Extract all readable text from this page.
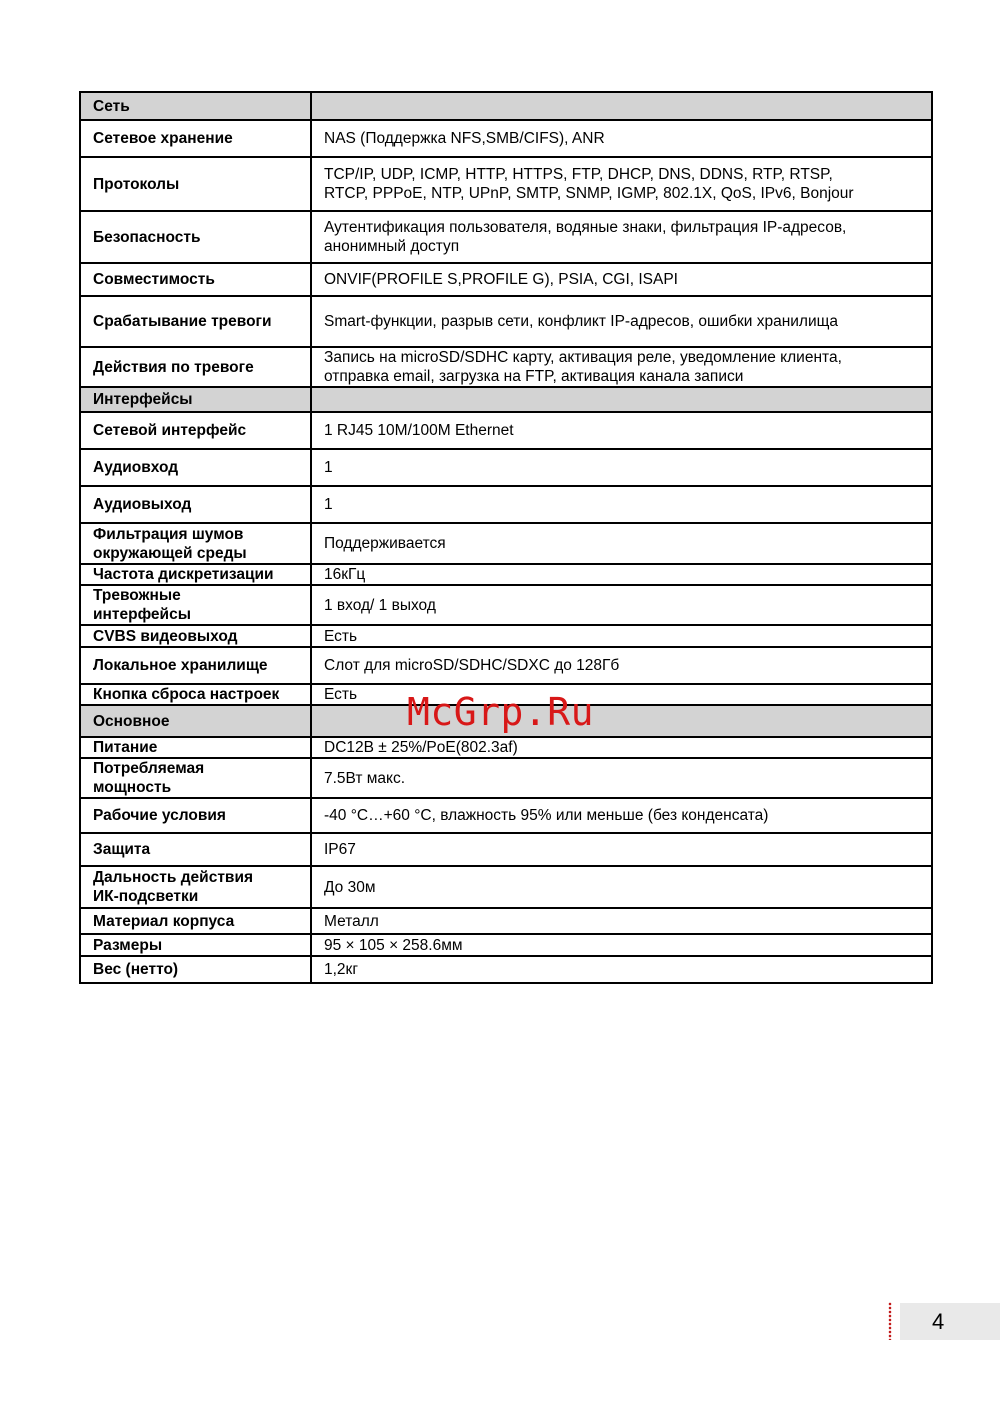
Сеть	
Сетевое хранение	NAS (Поддержка NFS,SMB/CIFS), ANR
Протоколы	TCP/IP, UDP, ICMP, HTTP, HTTPS, FTP, DHCP, DNS, DDNS, RTP, RTSP,
RTCP, PPPoE, NTP, UPnP, SMTP, SNMP, IGMP, 802.1X, QoS, IPv6, Bonjour

Безопасность	Аутентификация пользователя, водяные знаки, фильтрация IP-адресов,
анонимный доступ

Совместимость	ONVIF(PROFILE S,PROFILE G), PSIA, CGI, ISAPI
Срабатывание тревоги	Smart-функции, разрыв сети, конфликт IP-адресов, ошибки хранилища
Действия по тревоге	Запись на microSD/SDHC карту, активация реле, уведомление клиента,
отправка email, загрузка на FTP, активация канала записи

Интерфейсы	
Сетевой интерфейс	1 RJ45 10M/100M Ethernet
Аудиовход	1
Аудиовыход	1

Фильтрация шумов
окружающей среды	Поддерживается
Частота дискретизации	16кГц

Тревожные
интерфейсы	1 вход/ 1 выход
CVBS видеовыход	Есть
Локальное хранилище	Слот для microSD/SDHC/SDXC до 128Гб
Кнопка сброса настроек	Есть
Основное	
Питание	DC12В ± 25%/PoE(802.3af)

Потребляемая
мощность	7.5Вт макс.
Рабочие условия	-40 °C…+60 °C, влажность 95% или меньше (без конденсата)
Защита	IP67

Дальность действия
ИК-подсветки	До 30м
Материал корпуса	Металл
Размеры	95 × 105 × 258.6мм
Вес (нетто)	1,2кг
McGrp.Ru
4
